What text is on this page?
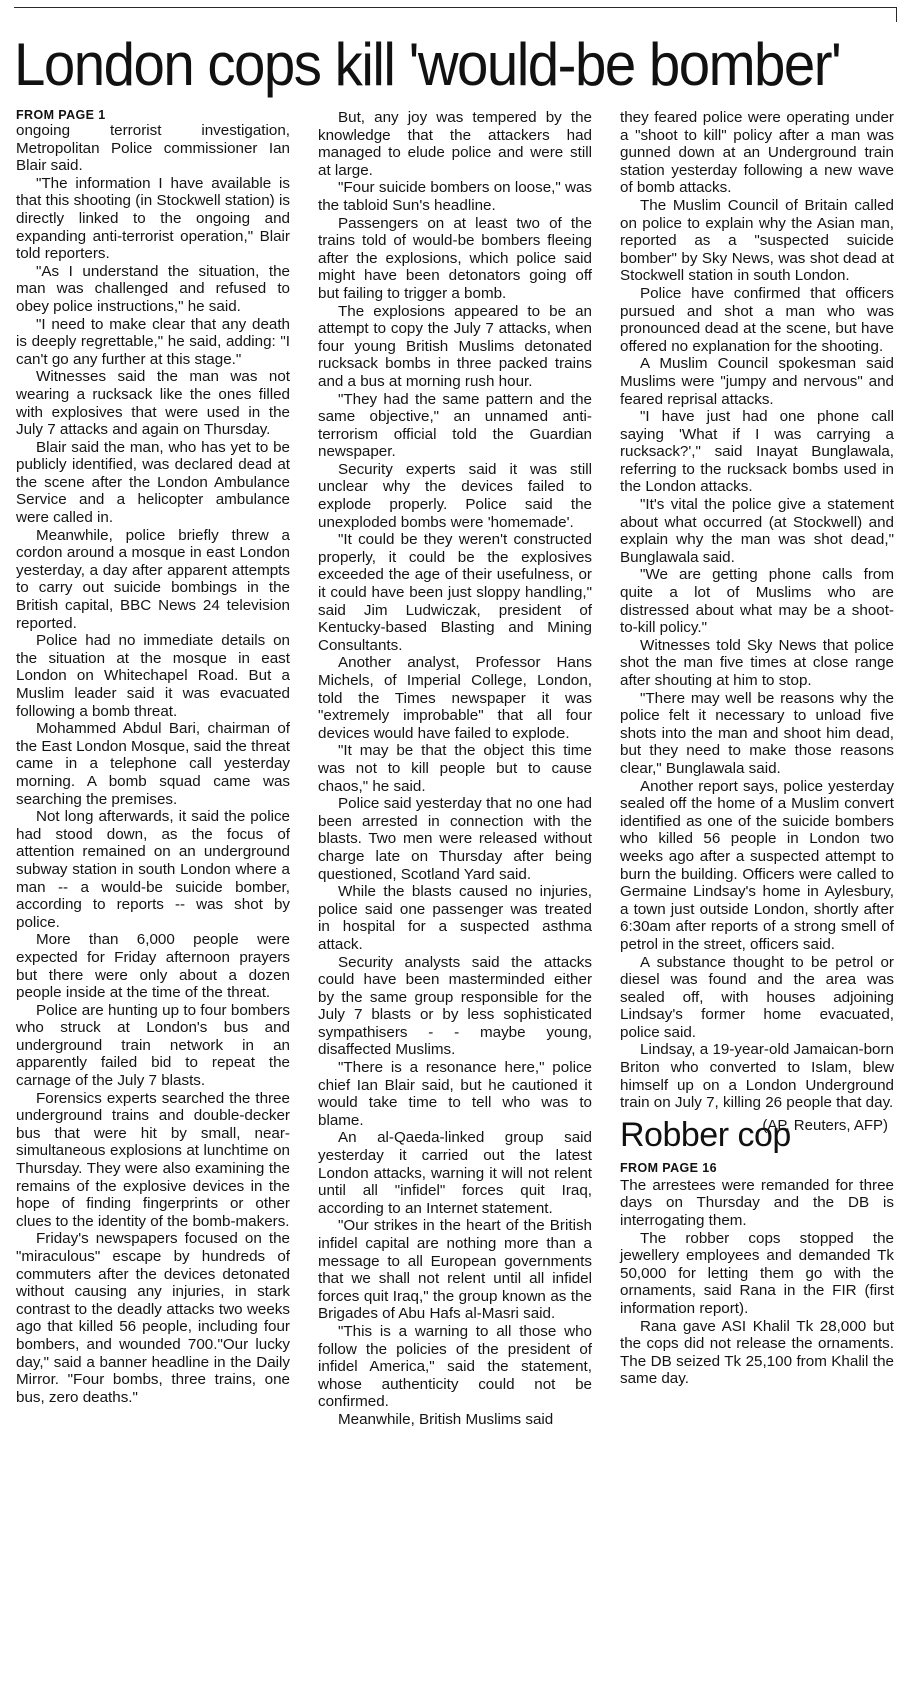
London cops kill 'would-be bomber'
FROM PAGE 1

ongoing terrorist investigation, Metropolitan Police commissioner Ian Blair said.

"The information I have available is that this shooting (in Stockwell station) is directly linked to the ongoing and expanding anti-terrorist operation," Blair told reporters.

"As I understand the situation, the man was challenged and refused to obey police instructions," he said.

"I need to make clear that any death is deeply regrettable," he said, adding: "I can't go any further at this stage."

Witnesses said the man was not wearing a rucksack like the ones filled with explosives that were used in the July 7 attacks and again on Thursday.

Blair said the man, who has yet to be publicly identified, was declared dead at the scene after the London Ambulance Service and a helicopter ambulance were called in.

Meanwhile, police briefly threw a cordon around a mosque in east London yesterday, a day after apparent attempts to carry out suicide bombings in the British capital, BBC News 24 television reported.

Police had no immediate details on the situation at the mosque in east London on Whitechapel Road. But a Muslim leader said it was evacuated following a bomb threat.

Mohammed Abdul Bari, chairman of the East London Mosque, said the threat came in a telephone call yesterday morning. A bomb squad came was searching the premises.

Not long afterwards, it said the police had stood down, as the focus of attention remained on an underground subway station in south London where a man -- a would-be suicide bomber, according to reports -- was shot by police.

More than 6,000 people were expected for Friday afternoon prayers but there were only about a dozen people inside at the time of the threat.

Police are hunting up to four bombers who struck at London's bus and underground train network in an apparently failed bid to repeat the carnage of the July 7 blasts.

Forensics experts searched the three underground trains and double-decker bus that were hit by small, near-simultaneous explosions at lunchtime on Thursday. They were also examining the remains of the explosive devices in the hope of finding fingerprints or other clues to the identity of the bomb-makers.

Friday's newspapers focused on the "miraculous" escape by hundreds of commuters after the devices detonated without causing any injuries, in stark contrast to the deadly attacks two weeks ago that killed 56 people, including four bombers, and wounded 700."Our lucky day," said a banner headline in the Daily Mirror. "Four bombs, three trains, one bus, zero deaths."

But, any joy was tempered by the knowledge that the attackers had managed to elude police and were still at large.

"Four suicide bombers on loose," was the tabloid Sun's headline.

Passengers on at least two of the trains told of would-be bombers fleeing after the explosions, which police said might have been detonators going off but failing to trigger a bomb.

The explosions appeared to be an attempt to copy the July 7 attacks, when four young British Muslims detonated rucksack bombs in three packed trains and a bus at morning rush hour.

"They had the same pattern and the same objective," an unnamed anti-terrorism official told the Guardian newspaper.

Security experts said it was still unclear why the devices failed to explode properly. Police said the unexploded bombs were 'homemade'.

"It could be they weren't constructed properly, it could be the explosives exceeded the age of their usefulness, or it could have been just sloppy handling," said Jim Ludwiczak, president of Kentucky-based Blasting and Mining Consultants.

Another analyst, Professor Hans Michels, of Imperial College, London, told the Times newspaper it was "extremely improbable" that all four devices would have failed to explode.

"It may be that the object this time was not to kill people but to cause chaos," he said.

Police said yesterday that no one had been arrested in connection with the blasts. Two men were released without charge late on Thursday after being questioned, Scotland Yard said.

While the blasts caused no injuries, police said one passenger was treated in hospital for a suspected asthma attack.

Security analysts said the attacks could have been masterminded either by the same group responsible for the July 7 blasts or by less sophisticated sympathisers - - maybe young, disaffected Muslims.

"There is a resonance here," police chief Ian Blair said, but he cautioned it would take time to tell who was to blame.

An al-Qaeda-linked group said yesterday it carried out the latest London attacks, warning it will not relent until all "infidel" forces quit Iraq, according to an Internet statement.

"Our strikes in the heart of the British infidel capital are nothing more than a message to all European governments that we shall not relent until all infidel forces quit Iraq," the group known as the Brigades of Abu Hafs al-Masri said.

"This is a warning to all those who follow the policies of the president of infidel America," said the statement, whose authenticity could not be confirmed.

Meanwhile, British Muslims said

they feared police were operating under a "shoot to kill" policy after a man was gunned down at an Underground train station yesterday following a new wave of bomb attacks.

The Muslim Council of Britain called on police to explain why the Asian man, reported as a "suspected suicide bomber" by Sky News, was shot dead at Stockwell station in south London.

Police have confirmed that officers pursued and shot a man who was pronounced dead at the scene, but have offered no explanation for the shooting.

A Muslim Council spokesman said Muslims were "jumpy and nervous" and feared reprisal attacks.

"I have just had one phone call saying 'What if I was carrying a rucksack?'," said Inayat Bunglawala, referring to the rucksack bombs used in the London attacks.

"It's vital the police give a statement about what occurred (at Stockwell) and explain why the man was shot dead," Bunglawala said.

"We are getting phone calls from quite a lot of Muslims who are distressed about what may be a shoot-to-kill policy."

Witnesses told Sky News that police shot the man five times at close range after shouting at him to stop.

"There may well be reasons why the police felt it necessary to unload five shots into the man and shoot him dead, but they need to make those reasons clear," Bunglawala said.

Another report says, police yesterday sealed off the home of a Muslim convert identified as one of the suicide bombers who killed 56 people in London two weeks ago after a suspected attempt to burn the building. Officers were called to Germaine Lindsay's home in Aylesbury, a town just outside London, shortly after 6:30am after reports of a strong smell of petrol in the street, officers said.

A substance thought to be petrol or diesel was found and the area was sealed off, with houses adjoining Lindsay's former home evacuated, police said.

Lindsay, a 19-year-old Jamaican-born Briton who converted to Islam, blew himself up on a London Underground train on July 7, killing 26 people that day.

(AP, Reuters, AFP)
Robber cop
FROM PAGE 16

The arrestees were remanded for three days on Thursday and the DB is interrogating them.

The robber cops stopped the jewellery employees and demanded Tk 50,000 for letting them go with the ornaments, said Rana in the FIR (first information report).

Rana gave ASI Khalil Tk 28,000 but the cops did not release the ornaments. The DB seized Tk 25,100 from Khalil the same day.
